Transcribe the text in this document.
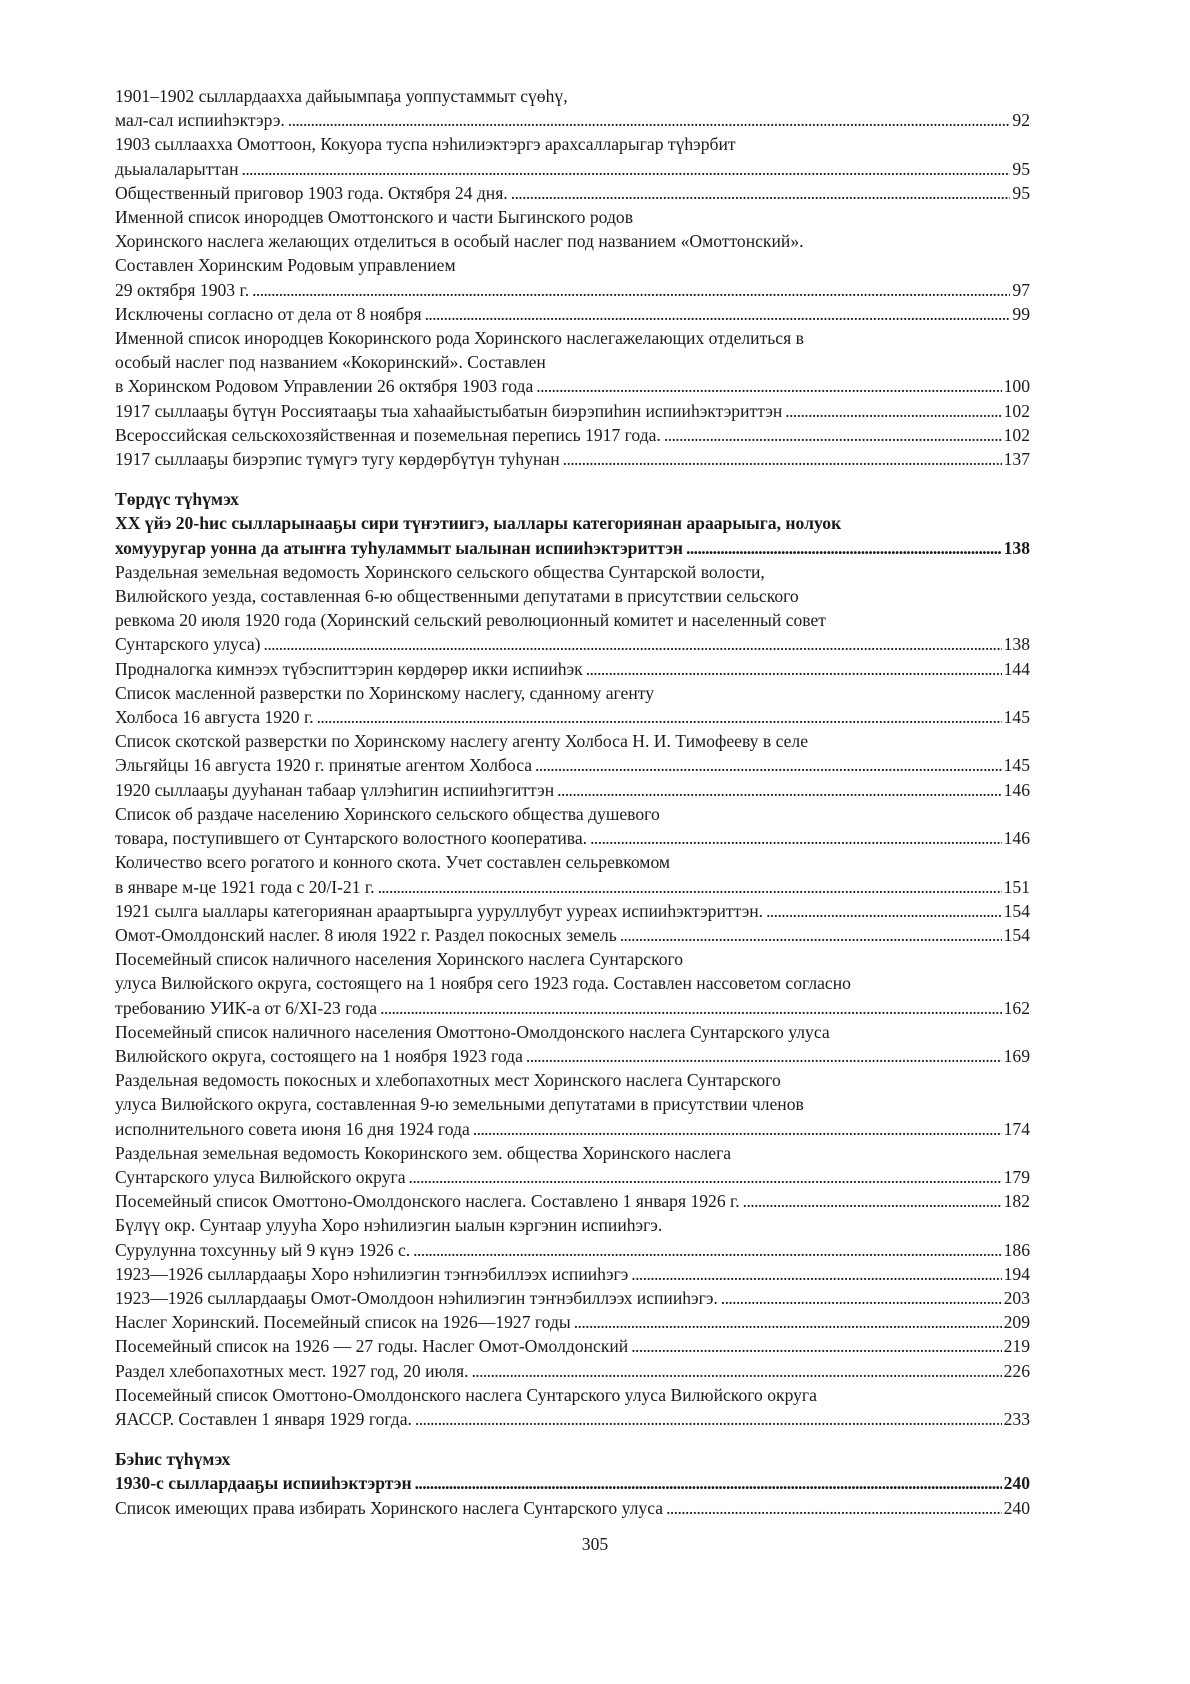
1901–1902 сыллардаахха дайыымпаҕа уоппустаммыт сүөһү,
мал-сал испииһэктэрэ. . . .	92
1903 сыллаахха Омоттоон, Кокуора туспа нэһилиэктэргэ арахсалларыгар түһэрбит
дьыалаларыттан . . .	95
Общественный приговор 1903 года. Октября 24 дня. . . .	95
Именной список инородцев Омоттонского и части Быгинского родов
Хоринского наслега желающих отделиться в особый наслег под названием «Омоттонский».
Составлен Хоринским Родовым управлением
29 октября 1903 г. . . .	97
Исключены согласно от дела от 8 ноября . . .	99
Именной список инородцев Кокоринского рода Хоринского наслегажелающих отделиться в
особый наслег под названием «Кокоринский». Составлен
в Хоринском Родовом Управлении 26 октября 1903 года . . .	100
1917 сыллааҕы бүтүн Россиятааҕы тыа хаһаайыстыбатын биэрэпиһин испииһэктэриттэн . . .	102
Всероссийская сельскохозяйственная и поземельная перепись 1917 года. . . .	102
1917 сыллааҕы биэрэпис түмүгэ тугу көрдөрбүтүн туһунан . . .	137
Төрдүс түһүмэх
XX үйэ 20-һис сылларынааҕы сири түҥэтиигэ, ыаллары категориянан араарыыга, нолуок
хомууругар уонна да атыҥҥа туһуламмыт ыалынан испииһэктэриттэн . . .	138
Раздельная земельная ведомость Хоринского сельского общества Сунтарской волости,
Вилюйского уезда, составленная 6-ю общественными депутатами в присутствии сельского
ревкома 20 июля 1920 года (Хоринский сельский революционный комитет и населенный совет
Сунтарского улуса) . . .	138
Продналогка кимнээх түбэспиттэрин көрдөрөр икки испииһэк . . .	144
Список масленной разверстки по Хоринскому наслегу, сданному агенту
Холбоса 16 августа 1920 г. . . .	145
Список скотской разверстки по Хоринскому наслегу агенту Холбоса Н. И. Тимофееву в селе
Эльгяйцы 16 августа 1920 г. принятые агентом Холбоса . . .	145
1920 сыллааҕы дууһанан табаар үллэһигин испииһэгиттэн . . .	146
Список об раздаче населению Хоринского сельского общества душевого
товара, поступившего от Сунтарского волостного кооператива. . . .	146
Количество всего рогатого и конного скота. Учет составлен сельревкомом
в январе м-це 1921 года с 20/I-21 г. . . .	151
1921 сылга ыаллары категориянан араартыырга ууруллубут ууреах испииһэктэриттэн. . . .	154
Омот-Омолдонский наслег. 8 июля 1922 г. Раздел покосных земель . . .	154
Посемейный список наличного населения Хоринского наслега Сунтарского
улуса Вилюйского округа, состоящего на 1 ноября сего 1923 года. Составлен нассоветом согласно
требованию УИК-а от 6/XI-23 года . . .	162
Посемейный список наличного населения Омоттоно-Омолдонского наслега Сунтарского улуса
Вилюйского округа, состоящего на 1 ноября 1923 года . . .	169
Раздельная ведомость покосных и хлебопахотных мест Хоринского наслега Сунтарского
улуса Вилюйского округа, составленная 9-ю земельными депутатами в присутствии членов
исполнительного совета июня 16 дня 1924 года . . .	174
Раздельная земельная ведомость Кокоринского зем. общества Хоринского наслега
Сунтарского улуса Вилюйского округа . . .	179
Посемейный список Омоттоно-Омолдонского наслега. Составлено 1 января 1926 г. . . .	182
Бүлүү окр. Сунтаар улууһа Хоро нэһилиэгин ыалын кэргэнин испииһэгэ.
Сурулунна тохсунньу ый 9 күнэ 1926 с. . . .	186
1923—1926 сыллардааҕы Хоро нэһилиэгин тэҥнэбиллээх испииһэгэ . . .	194
1923—1926 сыллардааҕы Омот-Омолдоон нэһилиэгин тэҥнэбиллээх испииһэгэ. . . .	203
Наслег Хоринский. Посемейный список на 1926—1927 годы . . .	209
Посемейный список на 1926 — 27 годы. Наслег Омот-Омолдонский . . .	219
Раздел хлебопахотных мест. 1927 год, 20 июля. . . .	226
Посемейный список Омоттоно-Омолдонского наслега Сунтарского улуса Вилюйского округа
ЯАССР. Составлен 1 января 1929 гогда. . . .	233
Бэһис түһүмэх
1930-с сыллардааҕы испииһэктэртэн . . .	240
Список имеющих права избирать Хоринского наслега Сунтарского улуса . . .	240
305
